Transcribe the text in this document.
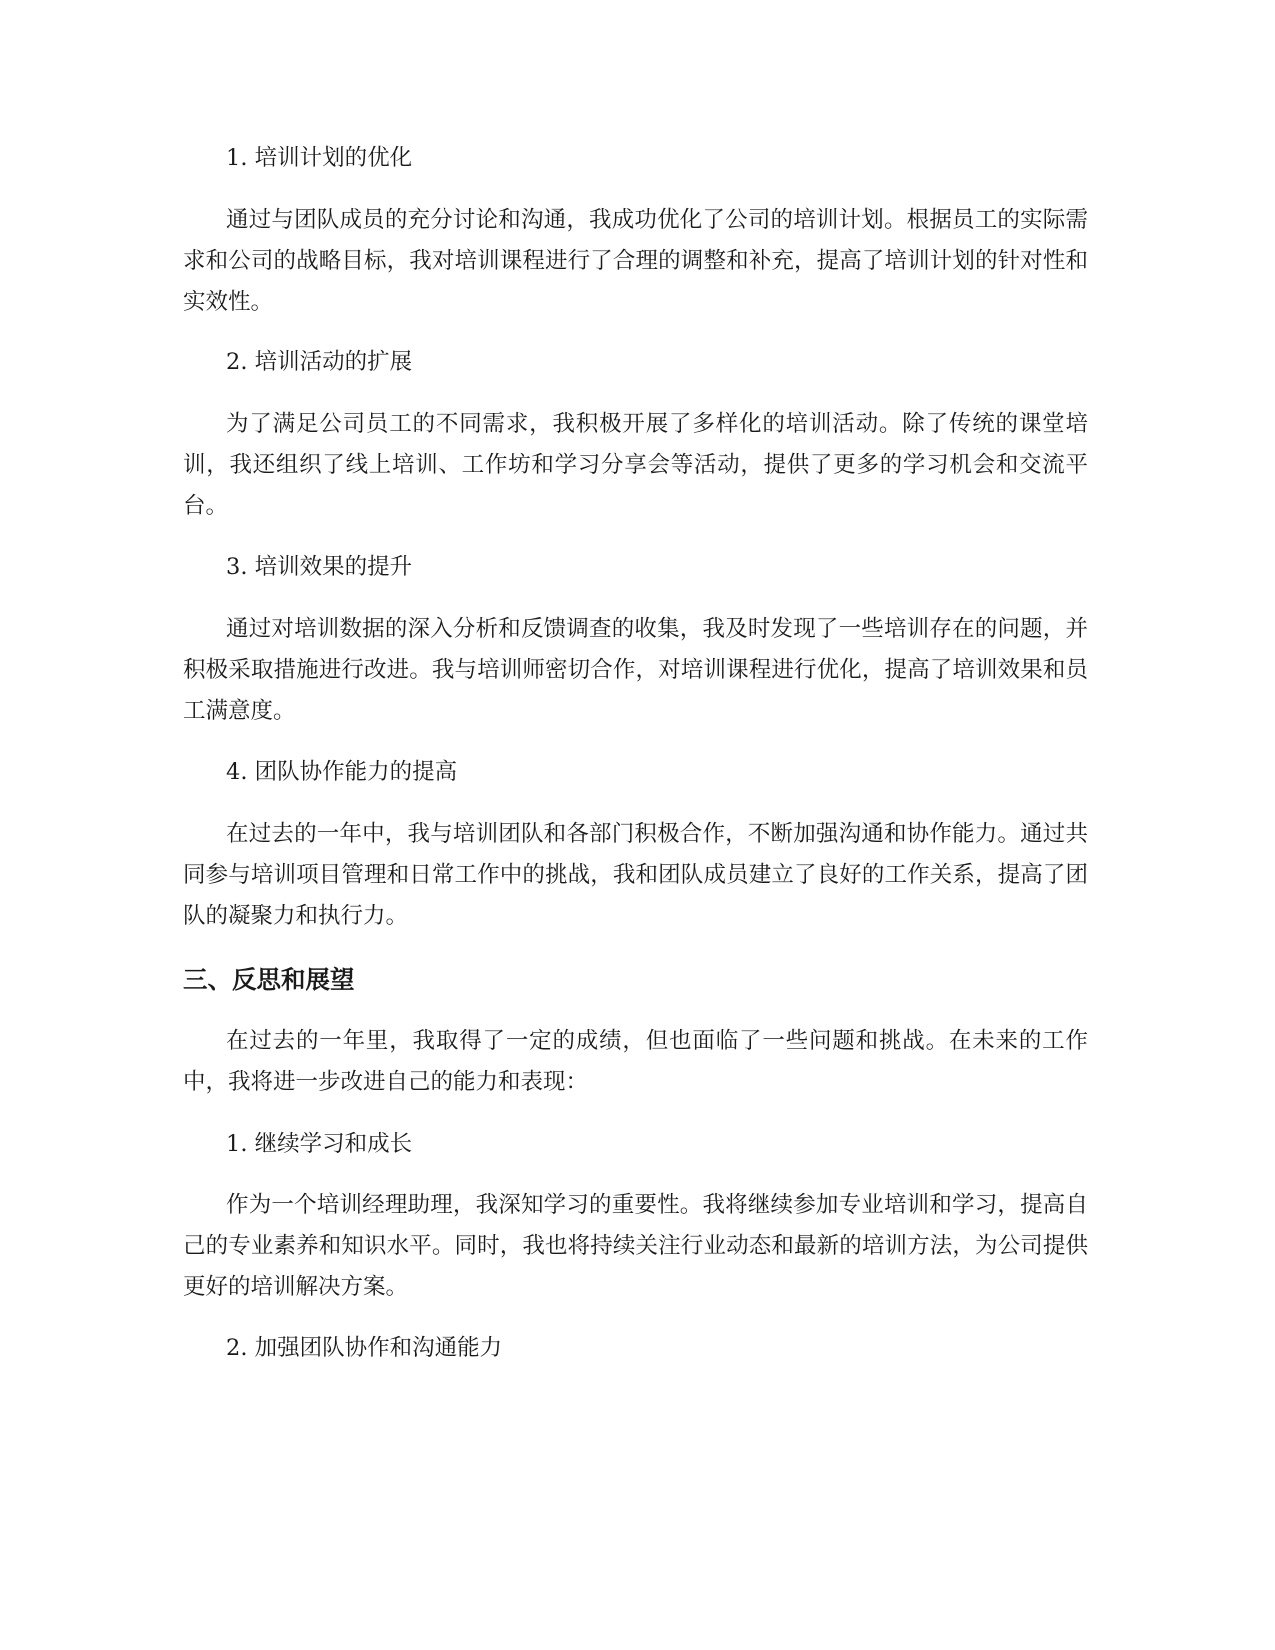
1. 培训计划的优化

通过与团队成员的充分讨论和沟通，我成功优化了公司的培训计划。根据员工的实际需求和公司的战略目标，我对培训课程进行了合理的调整和补充，提高了培训计划的针对性和实效性。

2. 培训活动的扩展

为了满足公司员工的不同需求，我积极开展了多样化的培训活动。除了传统的课堂培训，我还组织了线上培训、工作坊和学习分享会等活动，提供了更多的学习机会和交流平台。

3. 培训效果的提升

通过对培训数据的深入分析和反馈调查的收集，我及时发现了一些培训存在的问题，并积极采取措施进行改进。我与培训师密切合作，对培训课程进行优化，提高了培训效果和员工满意度。

4. 团队协作能力的提高

在过去的一年中，我与培训团队和各部门积极合作，不断加强沟通和协作能力。通过共同参与培训项目管理和日常工作中的挑战，我和团队成员建立了良好的工作关系，提高了团队的凝聚力和执行力。

三、反思和展望

在过去的一年里，我取得了一定的成绩，但也面临了一些问题和挑战。在未来的工作中，我将进一步改进自己的能力和表现：

1. 继续学习和成长

作为一个培训经理助理，我深知学习的重要性。我将继续参加专业培训和学习，提高自己的专业素养和知识水平。同时，我也将持续关注行业动态和最新的培训方法，为公司提供更好的培训解决方案。

2. 加强团队协作和沟通能力
